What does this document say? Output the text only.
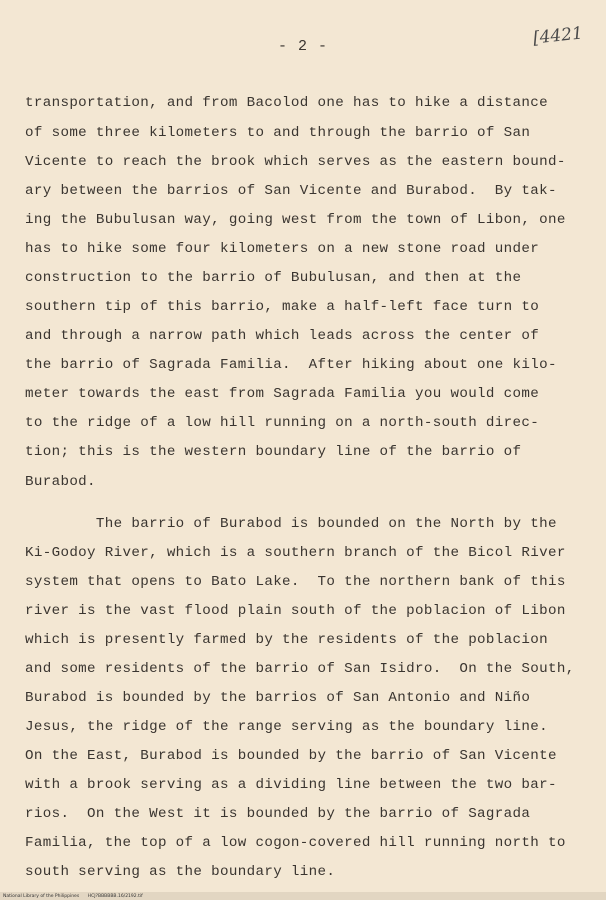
- 2 -	[4421
transportation, and from Bacolod one has to hike a distance
of some three kilometers to and through the barrio of San
Vicente to reach the brook which serves as the eastern bound-
ary between the barrios of San Vicente and Burabod.  By tak-
ing the Bubulusan way, going west from the town of Libon, one
has to hike some four kilometers on a new stone road under
construction to the barrio of Bubulusan, and then at the
southern tip of this barrio, make a half-left face turn to
and through a narrow path which leads across the center of
the barrio of Sagrada Familia.  After hiking about one kilo-
meter towards the east from Sagrada Familia you would come
to the ridge of a low hill running on a north-south direc-
tion; this is the western boundary line of the barrio of
Burabod.
The barrio of Burabod is bounded on the North by the
Ki-Godoy River, which is a southern branch of the Bicol River
system that opens to Bato Lake.  To the northern bank of this
river is the vast flood plain south of the poblacion of Libon
which is presently farmed by the residents of the poblacion
and some residents of the barrio of San Isidro.  On the South,
Burabod is bounded by the barrios of San Antonio and Niño
Jesus, the ridge of the range serving as the boundary line.
On the East, Burabod is bounded by the barrio of San Vicente
with a brook serving as a dividing line between the two bar-
rios.  On the West it is bounded by the barrio of Sagrada
Familia, the top of a low cogon-covered hill running north to
south serving as the boundary line.
National Library of the Philippines      HCJ?BBBBBB.16/2192.tif
